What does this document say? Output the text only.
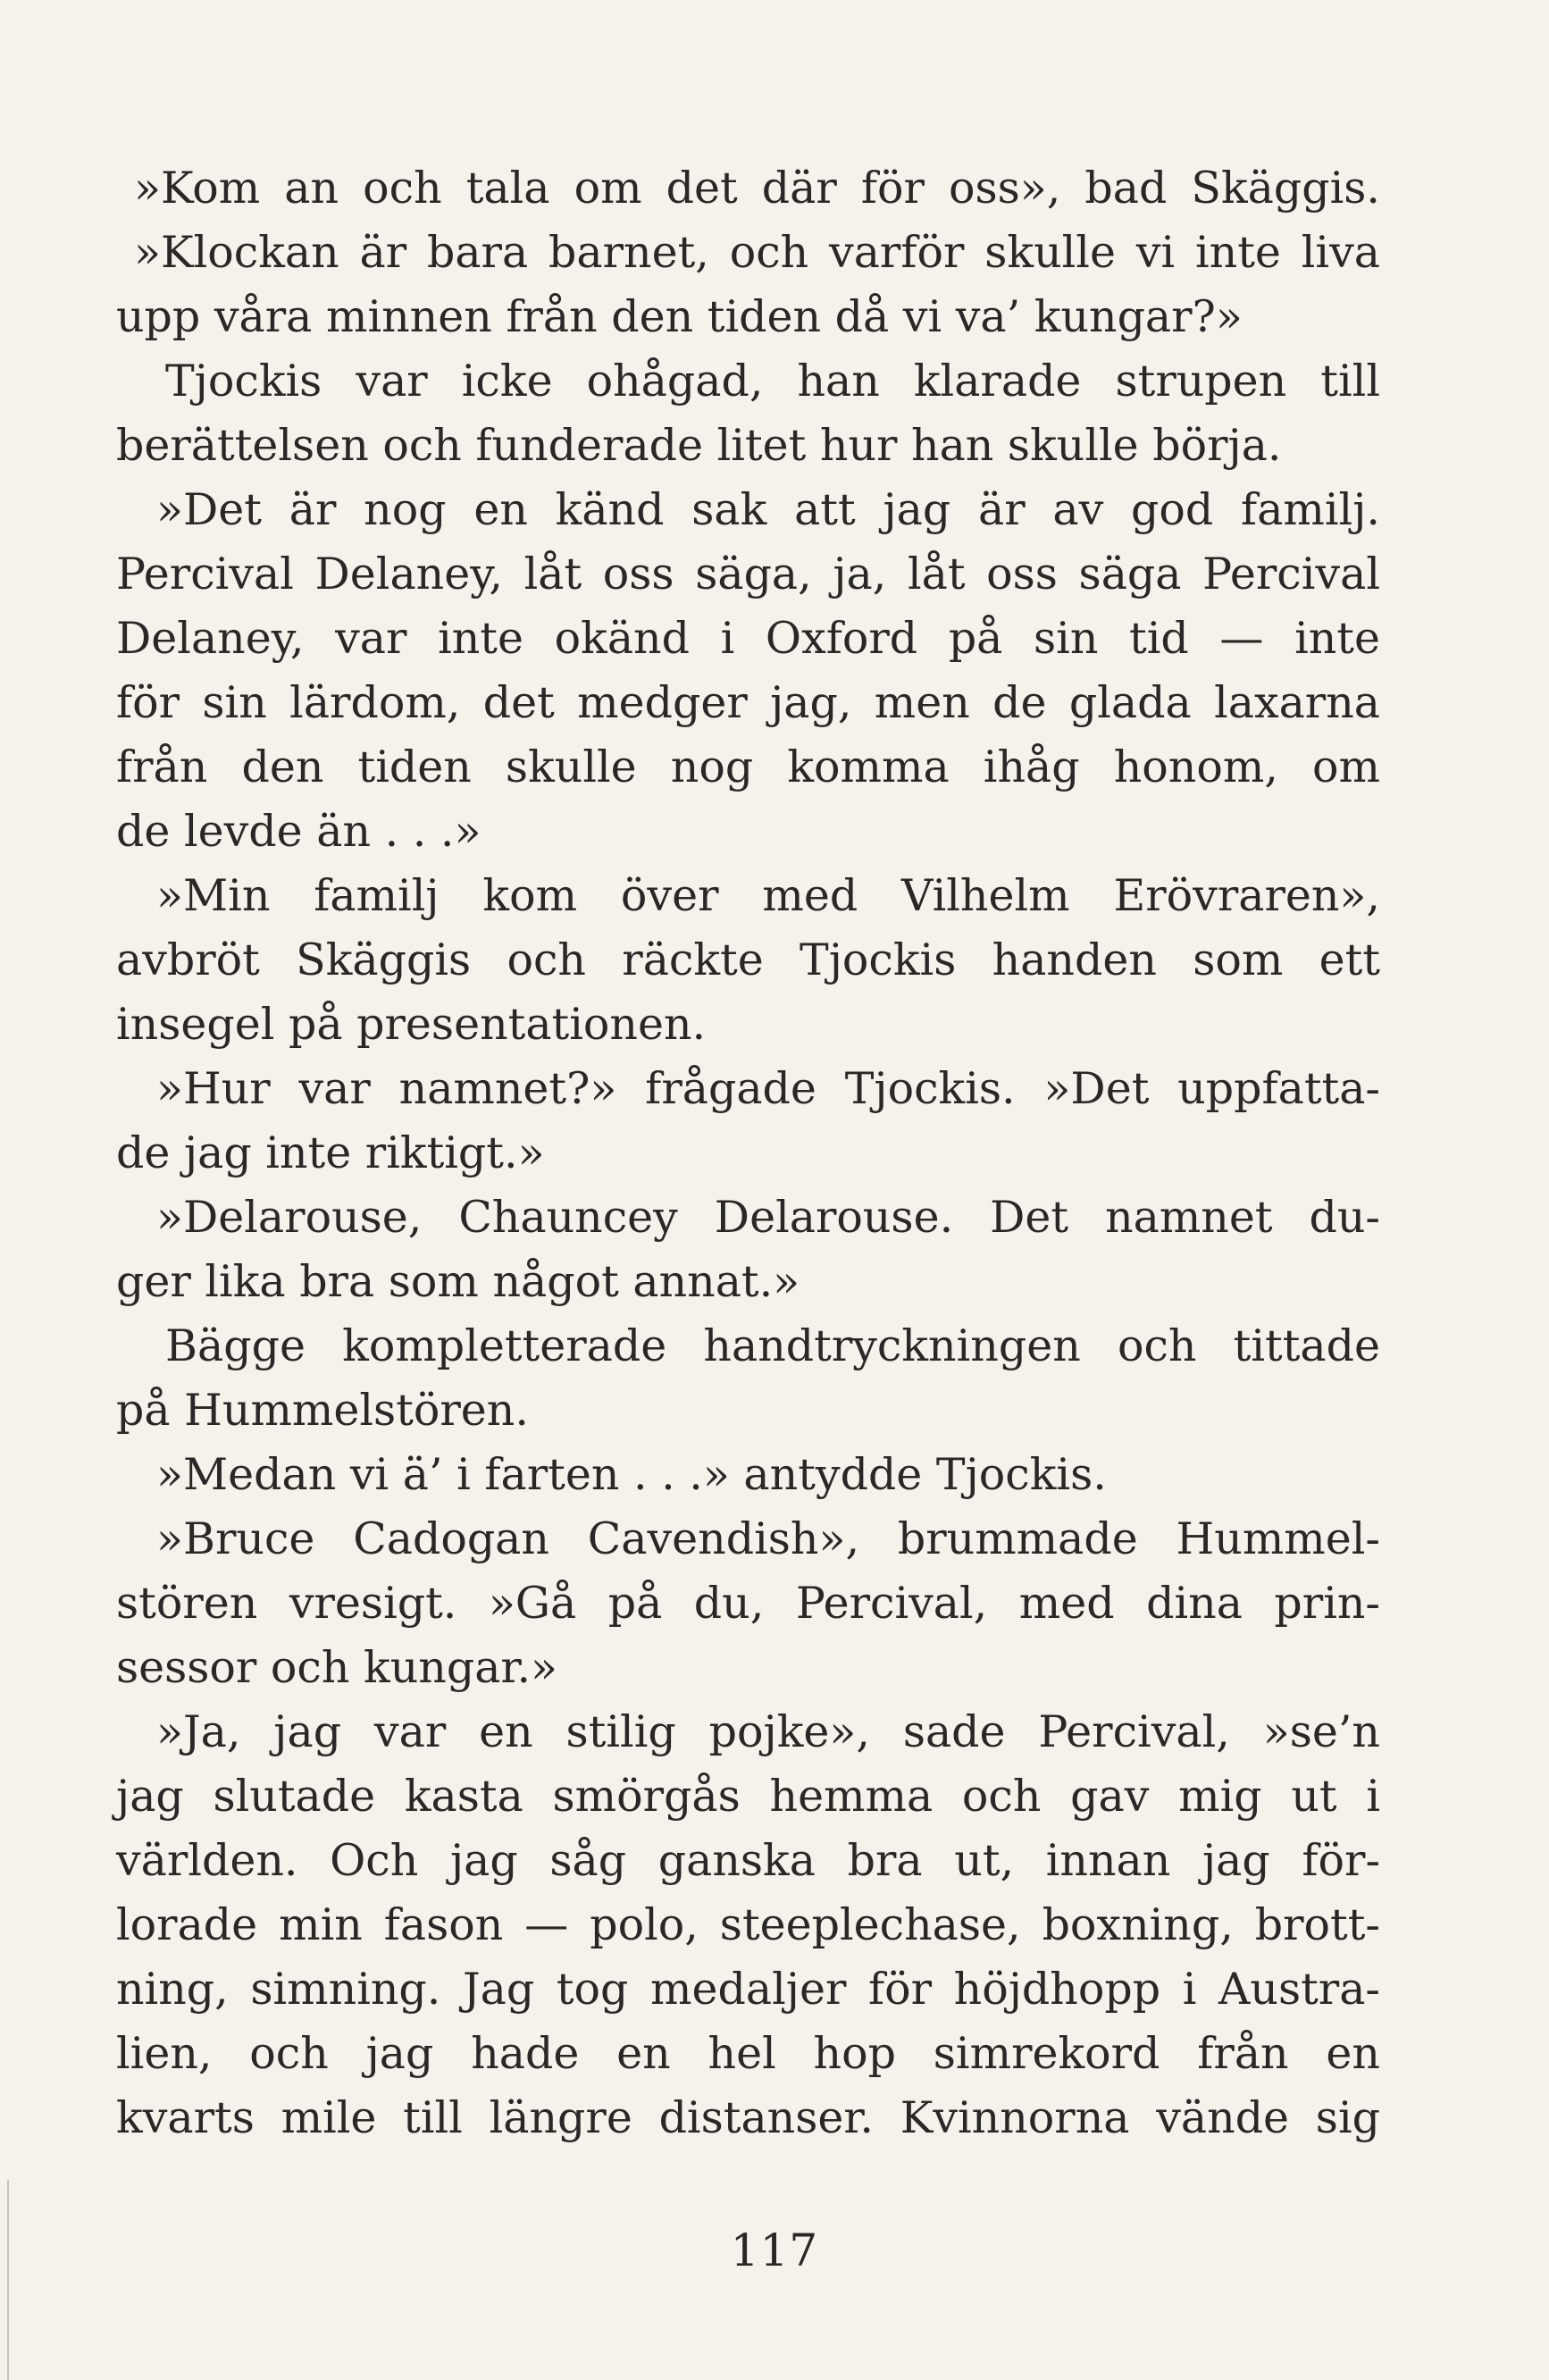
»Kom an och tala om det där för oss», bad Skäggis.
»Klockan är bara barnet, och varför skulle vi inte liva
upp våra minnen från den tiden då vi va’ kungar?»
Tjockis var icke ohågad, han klarade strupen till
berättelsen och funderade litet hur han skulle börja.
»Det är nog en känd sak att jag är av god familj.
Percival Delaney, låt oss säga, ja, låt oss säga Percival
Delaney, var inte okänd i Oxford på sin tid — inte
för sin lärdom, det medger jag, men de glada laxarna
från den tiden skulle nog komma ihåg honom, om
de levde än . . .»
»Min familj kom över med Vilhelm Erövraren»,
avbröt Skäggis och räckte Tjockis handen som ett
insegel på presentationen.
»Hur var namnet?» frågade Tjockis. »Det uppfatta-
de jag inte riktigt.»
»Delarouse, Chauncey Delarouse. Det namnet du-
ger lika bra som något annat.»
Bägge kompletterade handtryckningen och tittade
på Hummelstören.
»Medan vi ä’ i farten . . .» antydde Tjockis.
»Bruce Cadogan Cavendish», brummade Hummel-
stören vresigt. »Gå på du, Percival, med dina prin-
sessor och kungar.»
»Ja, jag var en stilig pojke», sade Percival, »se’n
jag slutade kasta smörgås hemma och gav mig ut i
världen. Och jag såg ganska bra ut, innan jag för-
lorade min fason — polo, steeplechase, boxning, brott-
ning, simning. Jag tog medaljer för höjdhopp i Austra-
lien, och jag hade en hel hop simrekord från en
kvarts mile till längre distanser. Kvinnorna vände sig
117
